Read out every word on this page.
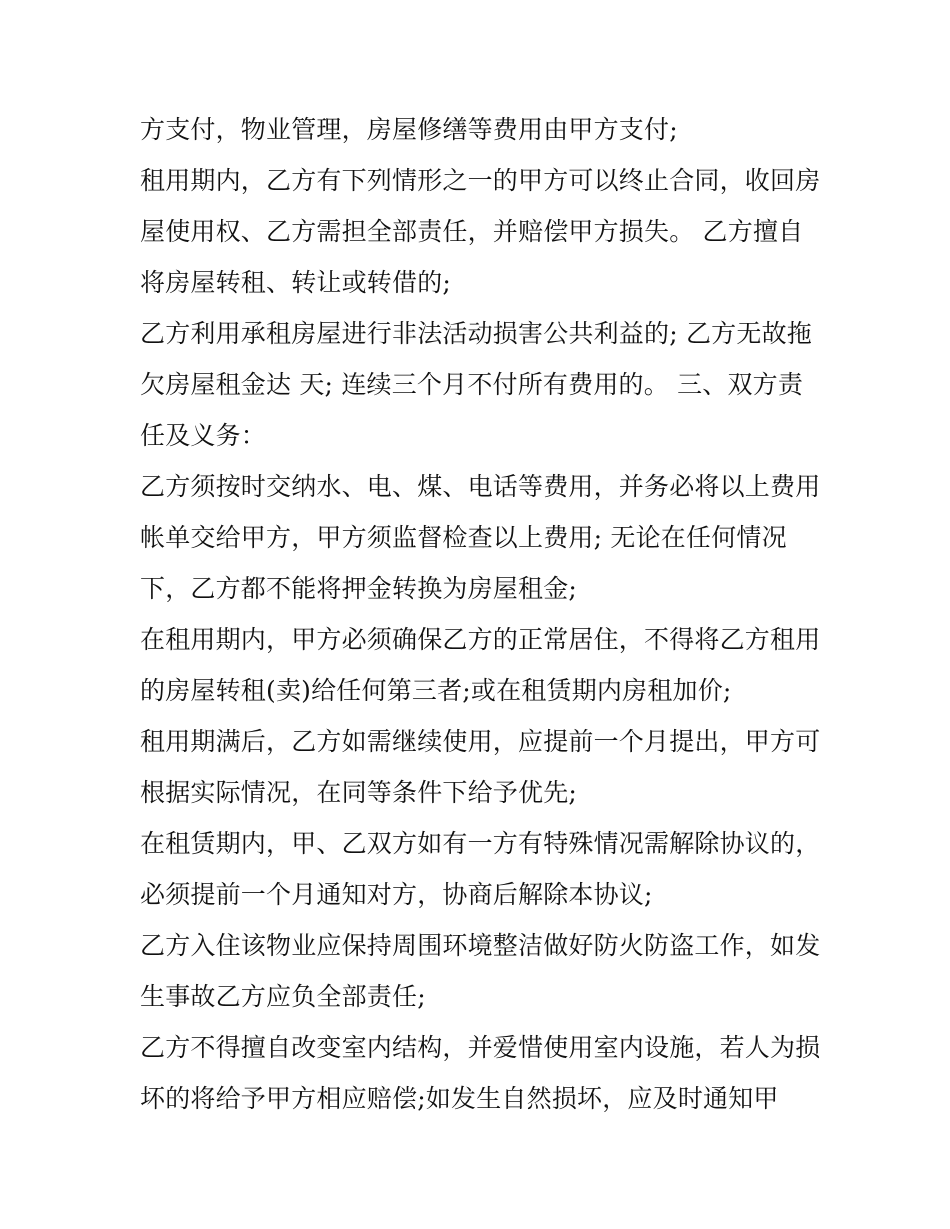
方支付，物业管理，房屋修缮等费用由甲方支付;
租用期内，乙方有下列情形之一的甲方可以终止合同，收回房
屋使用权、乙方需担全部责任，并赔偿甲方损失。 乙方擅自
将房屋转租、转让或转借的;
乙方利用承租房屋进行非法活动损害公共利益的; 乙方无故拖
欠房屋租金达 天; 连续三个月不付所有费用的。 三、双方责
任及义务：
乙方须按时交纳水、电、煤、电话等费用，并务必将以上费用
帐单交给甲方，甲方须监督检查以上费用; 无论在任何情况
下，乙方都不能将押金转换为房屋租金;
在租用期内，甲方必须确保乙方的正常居住，不得将乙方租用
的房屋转租(卖)给任何第三者;或在租赁期内房租加价;
租用期满后，乙方如需继续使用，应提前一个月提出，甲方可
根据实际情况，在同等条件下给予优先;
在租赁期内，甲、乙双方如有一方有特殊情况需解除协议的，
必须提前一个月通知对方，协商后解除本协议;
乙方入住该物业应保持周围环境整洁做好防火防盗工作，如发
生事故乙方应负全部责任;
乙方不得擅自改变室内结构，并爱惜使用室内设施，若人为损
坏的将给予甲方相应赔偿;如发生自然损坏，应及时通知甲
